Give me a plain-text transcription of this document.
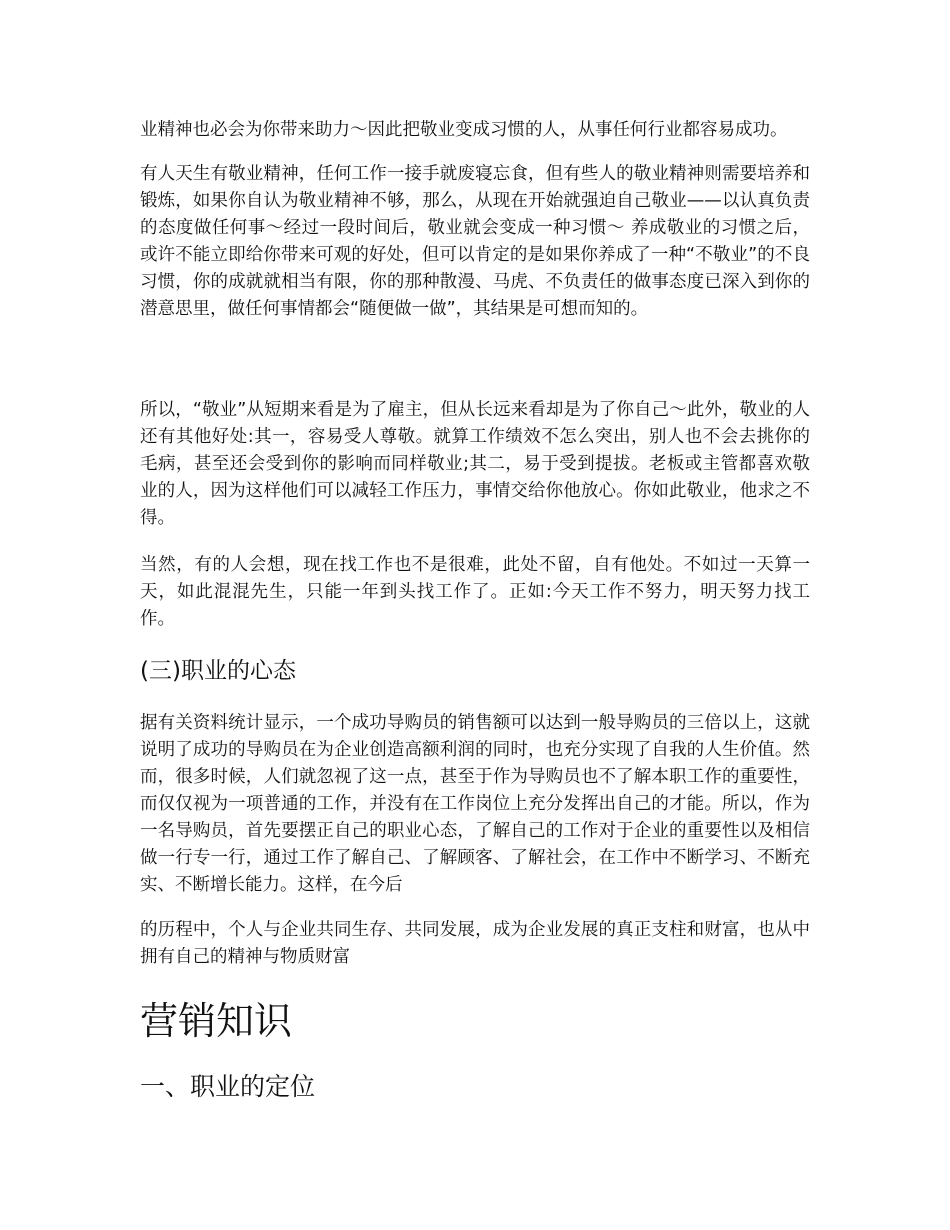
业精神也必会为你带来助力～因此把敬业变成习惯的人，从事任何行业都容易成功。

有人天生有敬业精神，任何工作一接手就废寝忘食，但有些人的敬业精神则需要培养和锻炼，如果你自认为敬业精神不够，那么，从现在开始就强迫自己敬业——以认真负责的态度做任何事～经过一段时间后，敬业就会变成一种习惯～ 养成敬业的习惯之后，或许不能立即给你带来可观的好处，但可以肯定的是如果你养成了一种“不敬业”的不良习惯，你的成就就相当有限，你的那种散漫、马虎、不负责任的做事态度已深入到你的潜意思里，做任何事情都会“随便做一做”，其结果是可想而知的。

所以，“敬业”从短期来看是为了雇主，但从长远来看却是为了你自己～此外，敬业的人还有其他好处:其一，容易受人尊敬。就算工作绩效不怎么突出，别人也不会去挑你的毛病，甚至还会受到你的影响而同样敬业;其二，易于受到提拔。老板或主管都喜欢敬业的人，因为这样他们可以减轻工作压力，事情交给你他放心。你如此敬业，他求之不得。

当然，有的人会想，现在找工作也不是很难，此处不留，自有他处。不如过一天算一天，如此混混先生，只能一年到头找工作了。正如:今天工作不努力，明天努力找工作。

(三)职业的心态

据有关资料统计显示，一个成功导购员的销售额可以达到一般导购员的三倍以上，这就说明了成功的导购员在为企业创造高额利润的同时，也充分实现了自我的人生价值。然而，很多时候，人们就忽视了这一点，甚至于作为导购员也不了解本职工作的重要性，而仅仅视为一项普通的工作，并没有在工作岗位上充分发挥出自己的才能。所以，作为一名导购员，首先要摆正自己的职业心态，了解自己的工作对于企业的重要性以及相信做一行专一行，通过工作了解自己、了解顾客、了解社会，在工作中不断学习、不断充实、不断增长能力。这样，在今后

的历程中，个人与企业共同生存、共同发展，成为企业发展的真正支柱和财富，也从中拥有自己的精神与物质财富

营销知识
一、职业的定位
